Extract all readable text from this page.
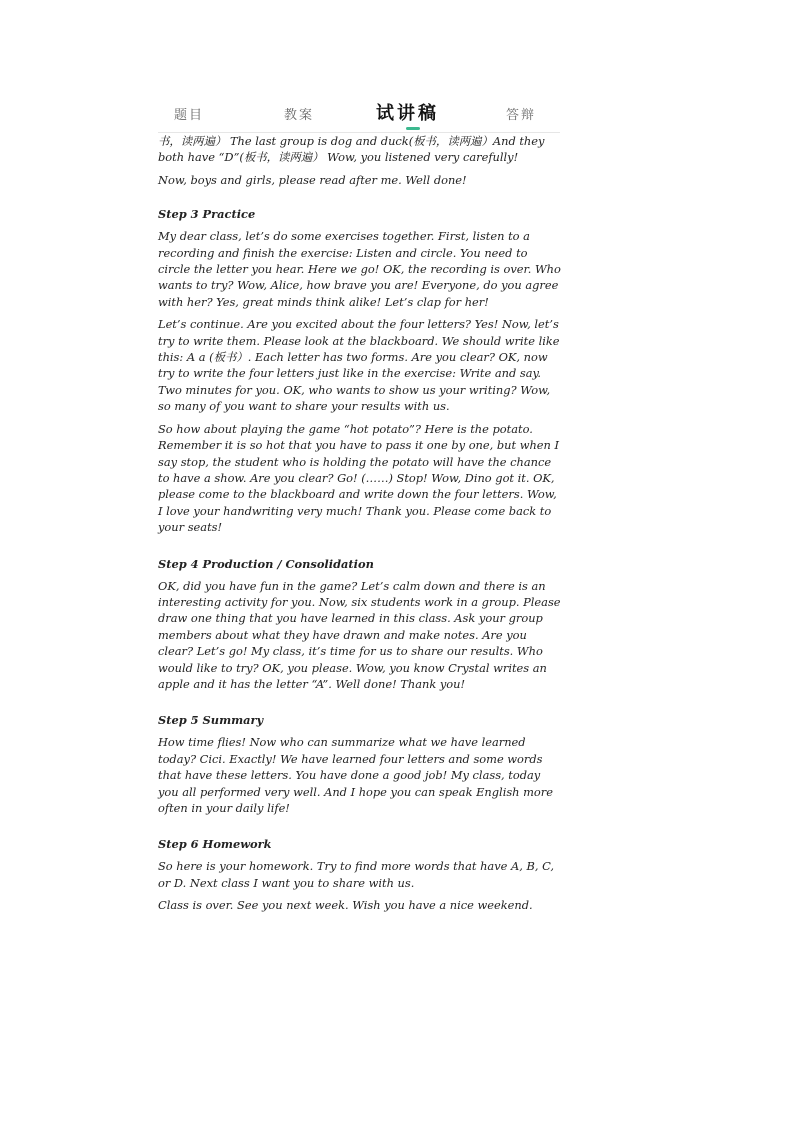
题目	教案	试讲稿	答辩

书，读两遍） The last group is dog and duck(板书，读两遍）And they both have “D”(板书，读两遍） Wow, you listened very carefully!

Now, boys and girls, please read after me. Well done!

Step 3 Practice

My dear class, let’s do some exercises together. First, listen to a recording and finish the exercise: Listen and circle. You need to circle the letter you hear. Here we go! OK, the recording is over. Who wants to try? Wow, Alice, how brave you are! Everyone, do you agree with her? Yes, great minds think alike! Let’s clap for her!

Let’s continue. Are you excited about the four letters? Yes! Now, let’s try to write them. Please look at the blackboard. We should write like this: A a (板书）. Each letter has two forms. Are you clear? OK, now try to write the four letters just like in the exercise: Write and say. Two minutes for you. OK, who wants to show us your writing? Wow, so many of you want to share your results with us.

So how about playing the game “hot potato”? Here is the potato. Remember it is so hot that you have to pass it one by one, but when I say stop, the student who is holding the potato will have the chance to have a show. Are you clear? Go! (……) Stop! Wow, Dino got it. OK, please come to the blackboard and write down the four letters. Wow, I love your handwriting very much! Thank you. Please come back to your seats!

Step 4 Production / Consolidation

OK, did you have fun in the game? Let’s calm down and there is an interesting activity for you. Now, six students work in a group. Please draw one thing that you have learned in this class. Ask your group members about what they have drawn and make notes. Are you clear? Let’s go! My class, it’s time for us to share our results. Who would like to try? OK, you please. Wow, you know Crystal writes an apple and it has the letter “A”. Well done! Thank you!

Step 5 Summary

How time flies! Now who can summarize what we have learned today? Cici. Exactly! We have learned four letters and some words that have these letters. You have done a good job! My class, today you all performed very well. And I hope you can speak English more often in your daily life!

Step 6 Homework

So here is your homework. Try to find more words that have A, B, C, or D. Next class I want you to share with us.

Class is over. See you next week. Wish you have a nice weekend.
